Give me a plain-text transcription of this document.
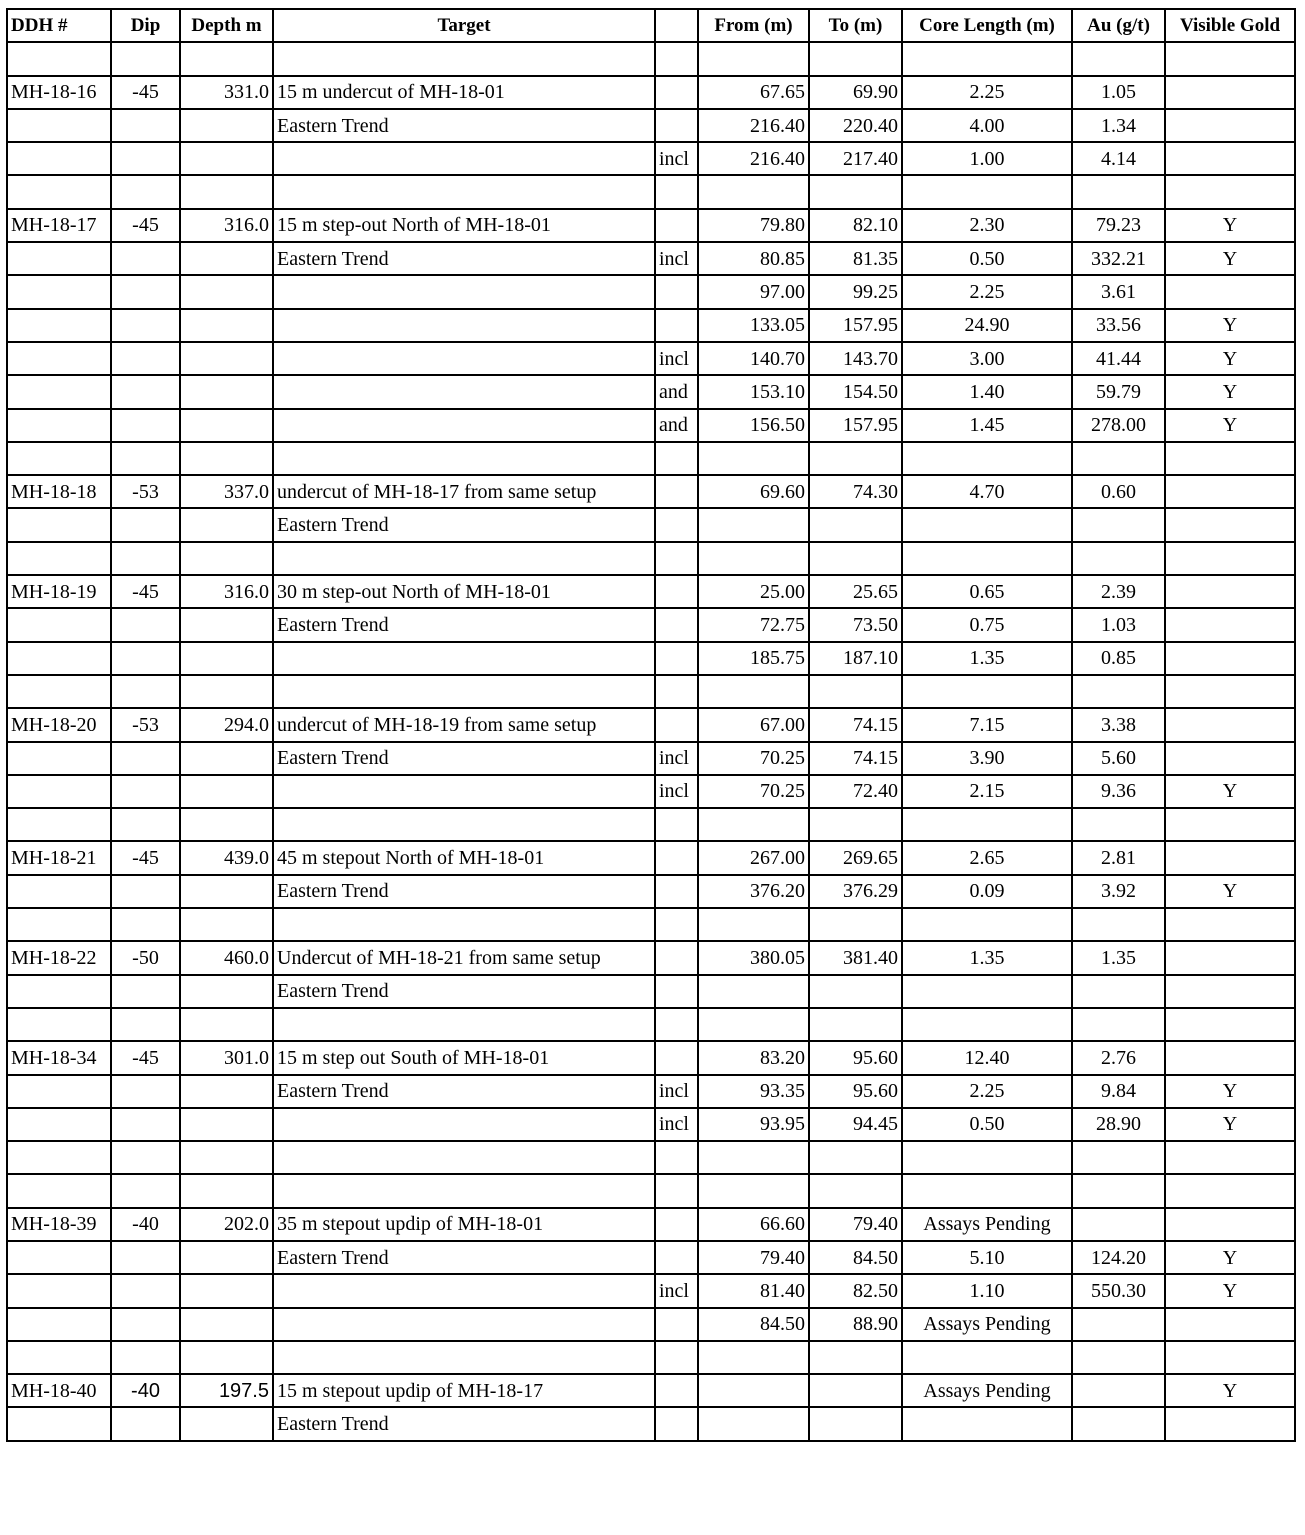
DDH #	Dip	Depth m	Target		From (m)	To (m)	Core Length (m)	Au (g/t)	Visible Gold

MH-18-16	-45	331.0	15 m undercut of MH-18-01		67.65	69.90	2.25	1.05	
			Eastern Trend		216.40	220.40	4.00	1.34	
				incl	216.40	217.40	1.00	4.14	

MH-18-17	-45	316.0	15 m step-out North of MH-18-01		79.80	82.10	2.30	79.23	Y
			Eastern Trend	incl	80.85	81.35	0.50	332.21	Y
					97.00	99.25	2.25	3.61	
					133.05	157.95	24.90	33.56	Y
				incl	140.70	143.70	3.00	41.44	Y
				and	153.10	154.50	1.40	59.79	Y
				and	156.50	157.95	1.45	278.00	Y

MH-18-18	-53	337.0	undercut of MH-18-17 from same setup		69.60	74.30	4.70	0.60	
			Eastern Trend						

MH-18-19	-45	316.0	30 m step-out North of MH-18-01		25.00	25.65	0.65	2.39	
			Eastern Trend		72.75	73.50	0.75	1.03	
					185.75	187.10	1.35	0.85	

MH-18-20	-53	294.0	undercut of MH-18-19 from same setup		67.00	74.15	7.15	3.38	
			Eastern Trend	incl	70.25	74.15	3.90	5.60	
				incl	70.25	72.40	2.15	9.36	Y

MH-18-21	-45	439.0	45 m stepout North of MH-18-01		267.00	269.65	2.65	2.81	
			Eastern Trend		376.20	376.29	0.09	3.92	Y

MH-18-22	-50	460.0	Undercut of MH-18-21 from same setup		380.05	381.40	1.35	1.35	
			Eastern Trend						

MH-18-34	-45	301.0	15 m step out South of MH-18-01		83.20	95.60	12.40	2.76	
			Eastern Trend	incl	93.35	95.60	2.25	9.84	Y
				incl	93.95	94.45	0.50	28.90	Y

MH-18-39	-40	202.0	35 m stepout updip of MH-18-01		66.60	79.40	Assays Pending		
			Eastern Trend		79.40	84.50	5.10	124.20	Y
				incl	81.40	82.50	1.10	550.30	Y
					84.50	88.90	Assays Pending		

MH-18-40	-40	197.5	15 m stepout updip of MH-18-17				Assays Pending		Y
			Eastern Trend						
